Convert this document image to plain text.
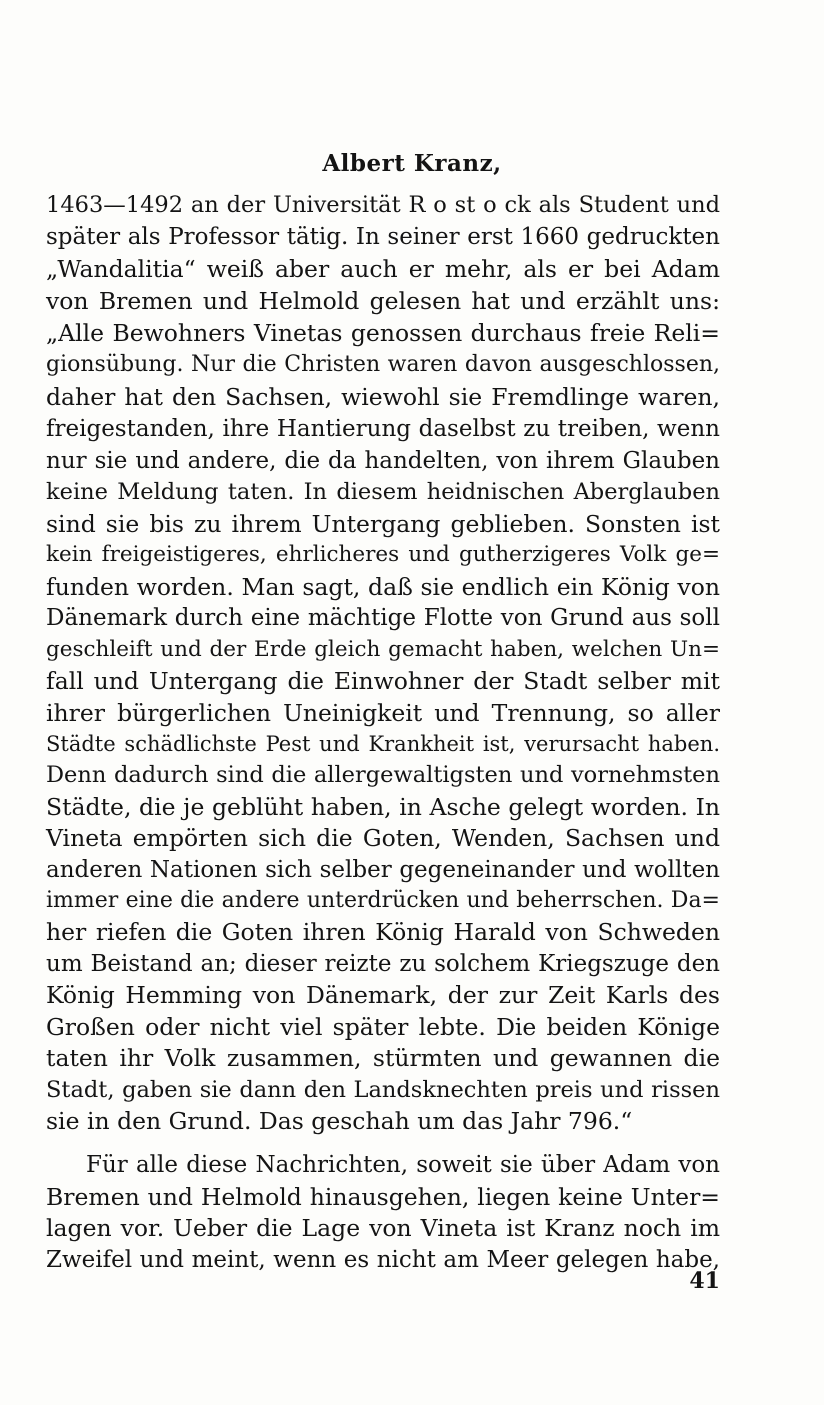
Albert Kranz,
1463—1492 an der Universität R o st o ck als Student und
später als Professor tätig. In seiner erst 1660 gedruckten
„Wandalitia“ weiß aber auch er mehr, als er bei Adam
von Bremen und Helmold gelesen hat und erzählt uns:
„Alle Bewohners Vinetas genossen durchaus freie Reli=
gionsübung. Nur die Christen waren davon ausgeschlossen,
daher hat den Sachsen, wiewohl sie Fremdlinge waren,
freigestanden, ihre Hantierung daselbst zu treiben, wenn
nur sie und andere, die da handelten, von ihrem Glauben
keine Meldung taten. In diesem heidnischen Aberglauben
sind sie bis zu ihrem Untergang geblieben. Sonsten ist
kein freigeistigeres, ehrlicheres und gutherzigeres Volk ge=
funden worden. Man sagt, daß sie endlich ein König von
Dänemark durch eine mächtige Flotte von Grund aus soll
geschleift und der Erde gleich gemacht haben, welchen Un=
fall und Untergang die Einwohner der Stadt selber mit
ihrer bürgerlichen Uneinigkeit und Trennung, so aller
Städte schädlichste Pest und Krankheit ist, verursacht haben.
Denn dadurch sind die allergewaltigsten und vornehmsten
Städte, die je geblüht haben, in Asche gelegt worden. In
Vineta empörten sich die Goten, Wenden, Sachsen und
anderen Nationen sich selber gegeneinander und wollten
immer eine die andere unterdrücken und beherrschen. Da=
her riefen die Goten ihren König Harald von Schweden
um Beistand an; dieser reizte zu solchem Kriegszuge den
König Hemming von Dänemark, der zur Zeit Karls des
Großen oder nicht viel später lebte. Die beiden Könige
taten ihr Volk zusammen, stürmten und gewannen die
Stadt, gaben sie dann den Landsknechten preis und rissen
sie in den Grund. Das geschah um das Jahr 796.“
Für alle diese Nachrichten, soweit sie über Adam von
Bremen und Helmold hinausgehen, liegen keine Unter=
lagen vor. Ueber die Lage von Vineta ist Kranz noch im
Zweifel und meint, wenn es nicht am Meer gelegen habe,
41
